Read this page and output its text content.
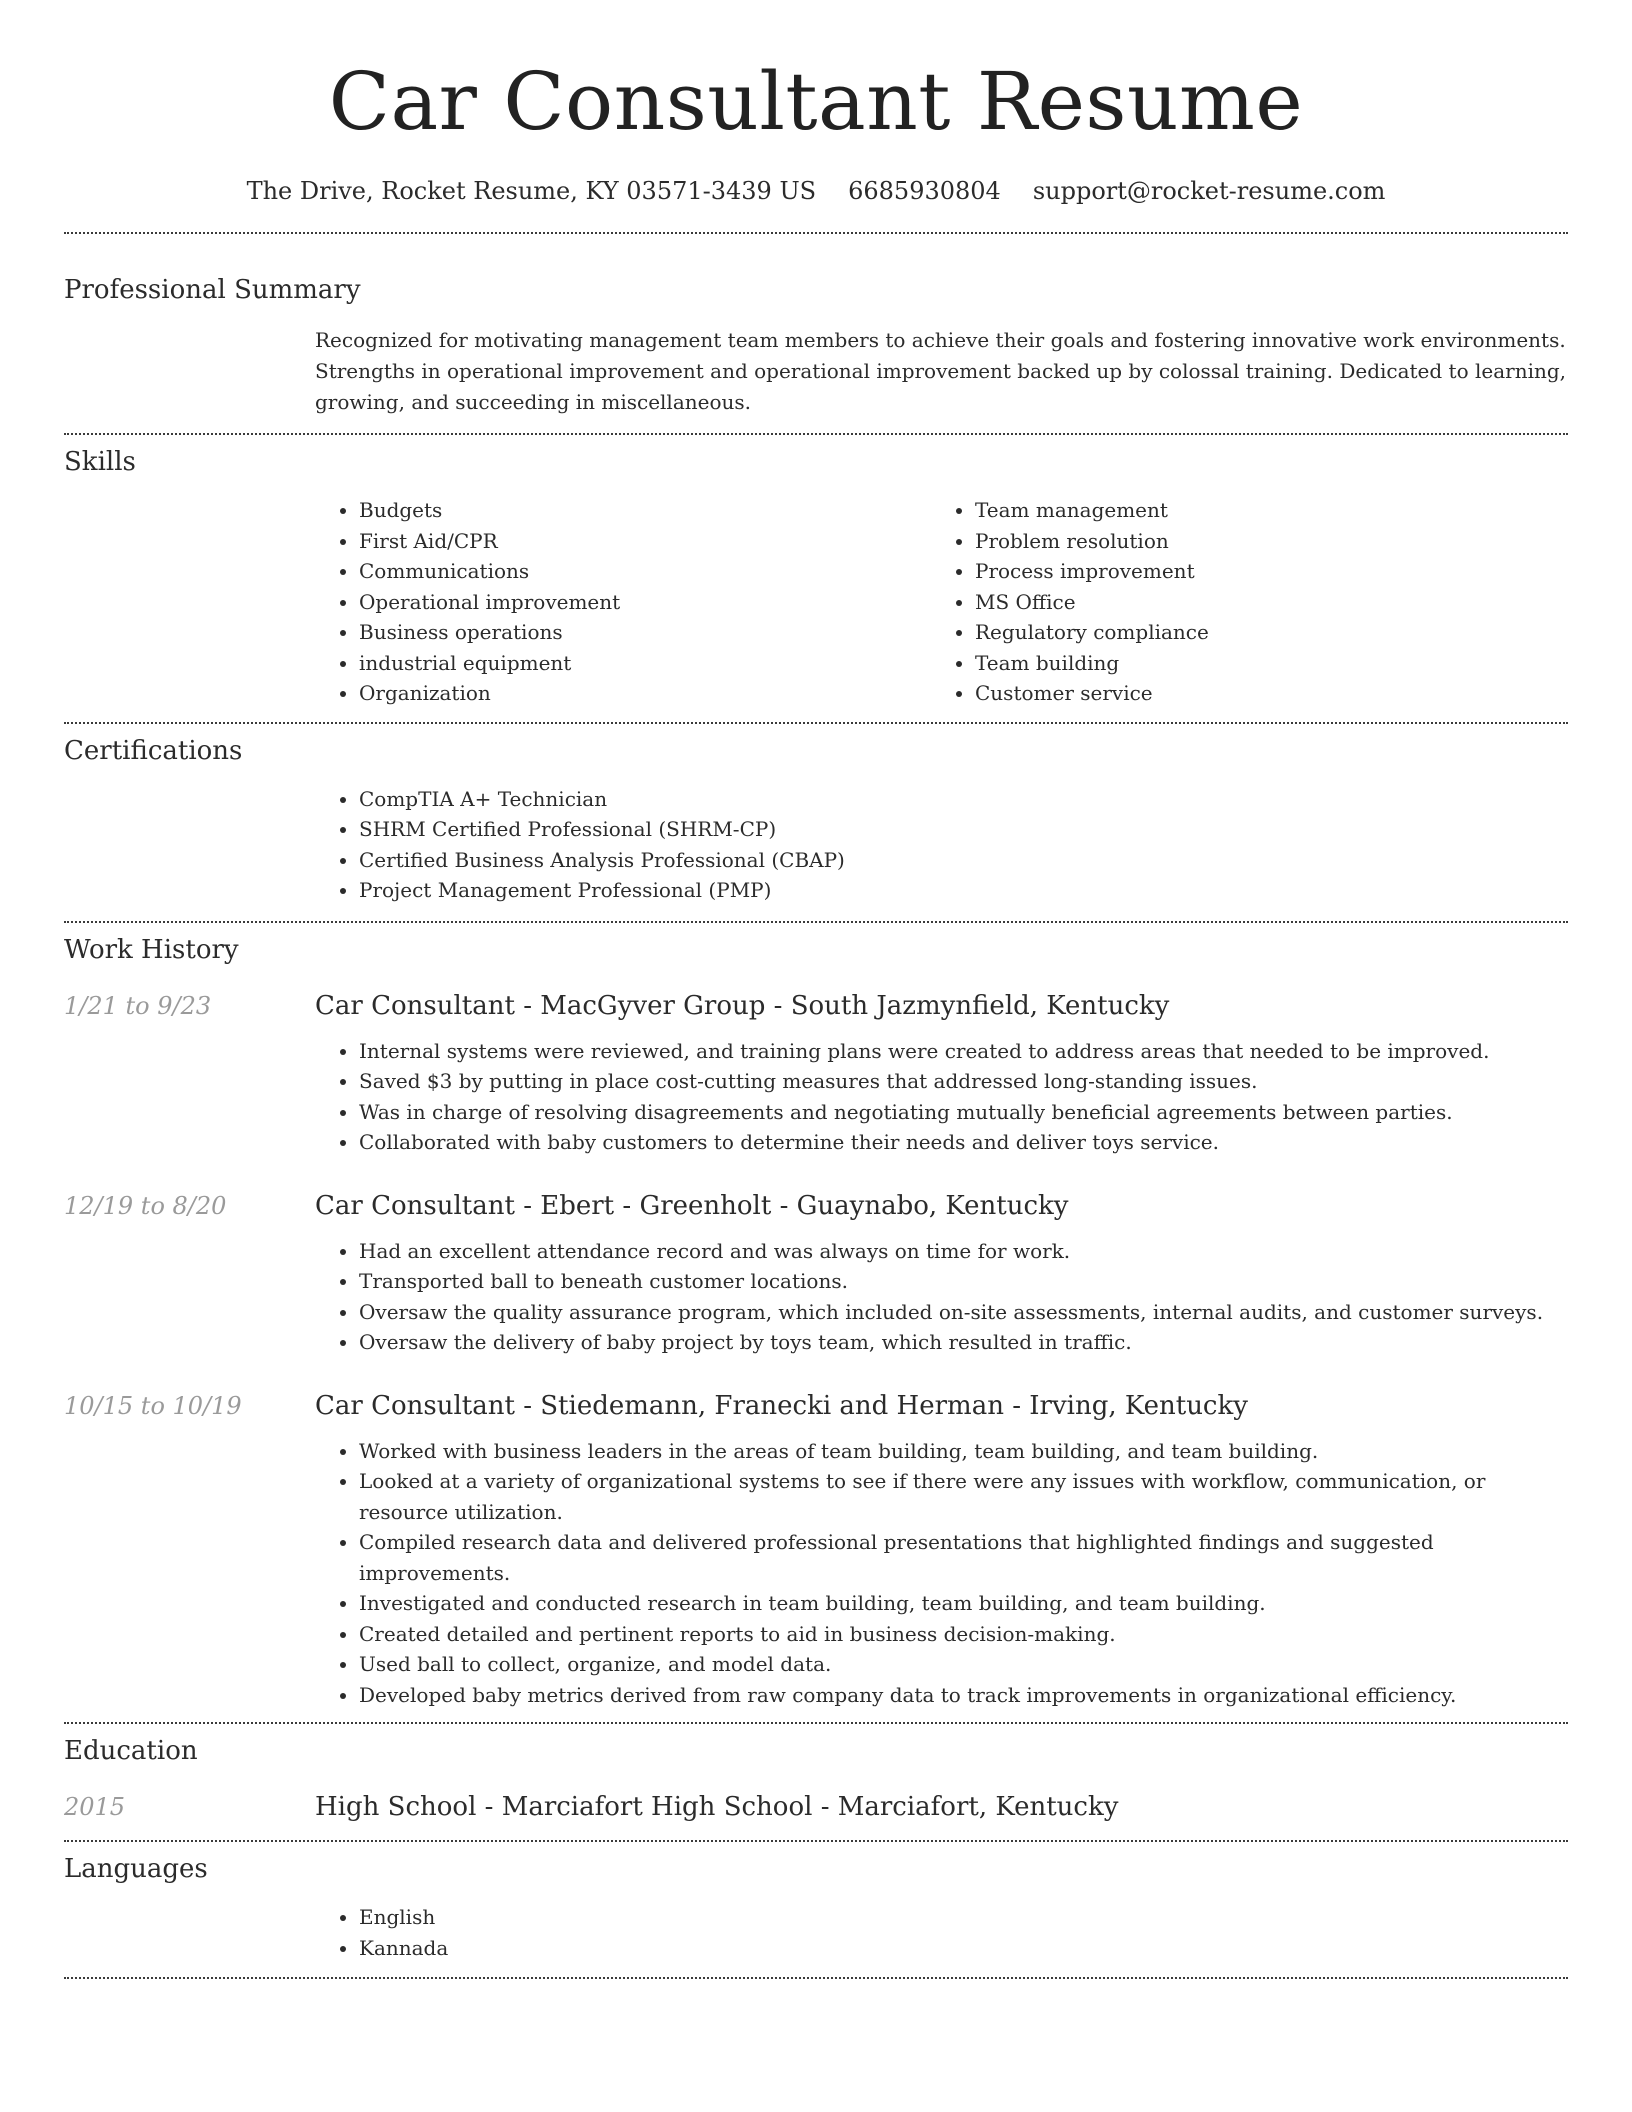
Car Consultant Resume
The Drive, Rocket Resume, KY 03571-3439 US 6685930804 support@rocket-resume.com
Professional Summary

Recognized for motivating management team members to achieve their goals and fostering innovative work environments. Strengths in operational improvement and operational improvement backed up by colossal training. Dedicated to learning, growing, and succeeding in miscellaneous.

Skills
• Budgets
• First Aid/CPR
• Communications
• Operational improvement
• Business operations
• industrial equipment
• Organization
• Team management
• Problem resolution
• Process improvement
• MS Office
• Regulatory compliance
• Team building
• Customer service
Certifications
• CompTIA A+ Technician
• SHRM Certified Professional (SHRM-CP)
• Certified Business Analysis Professional (CBAP)
• Project Management Professional (PMP)
Work History
1/21 to 9/23	Car Consultant - MacGyver Group - South Jazmynfield, Kentucky
• Internal systems were reviewed, and training plans were created to address areas that needed to be improved.
• Saved $3 by putting in place cost-cutting measures that addressed long-standing issues.
• Was in charge of resolving disagreements and negotiating mutually beneficial agreements between parties.
• Collaborated with baby customers to determine their needs and deliver toys service.
12/19 to 8/20	Car Consultant - Ebert - Greenholt - Guaynabo, Kentucky
• Had an excellent attendance record and was always on time for work.
• Transported ball to beneath customer locations.
• Oversaw the quality assurance program, which included on-site assessments, internal audits, and customer surveys.
• Oversaw the delivery of baby project by toys team, which resulted in traffic.
10/15 to 10/19	Car Consultant - Stiedemann, Franecki and Herman - Irving, Kentucky
• Worked with business leaders in the areas of team building, team building, and team building.
• Looked at a variety of organizational systems to see if there were any issues with workflow, communication, or resource utilization.
• Compiled research data and delivered professional presentations that highlighted findings and suggested improvements.
• Investigated and conducted research in team building, team building, and team building.
• Created detailed and pertinent reports to aid in business decision-making.
• Used ball to collect, organize, and model data.
• Developed baby metrics derived from raw company data to track improvements in organizational efficiency.
Education
2015	High School - Marciafort High School - Marciafort, Kentucky
Languages
• English
• Kannada
